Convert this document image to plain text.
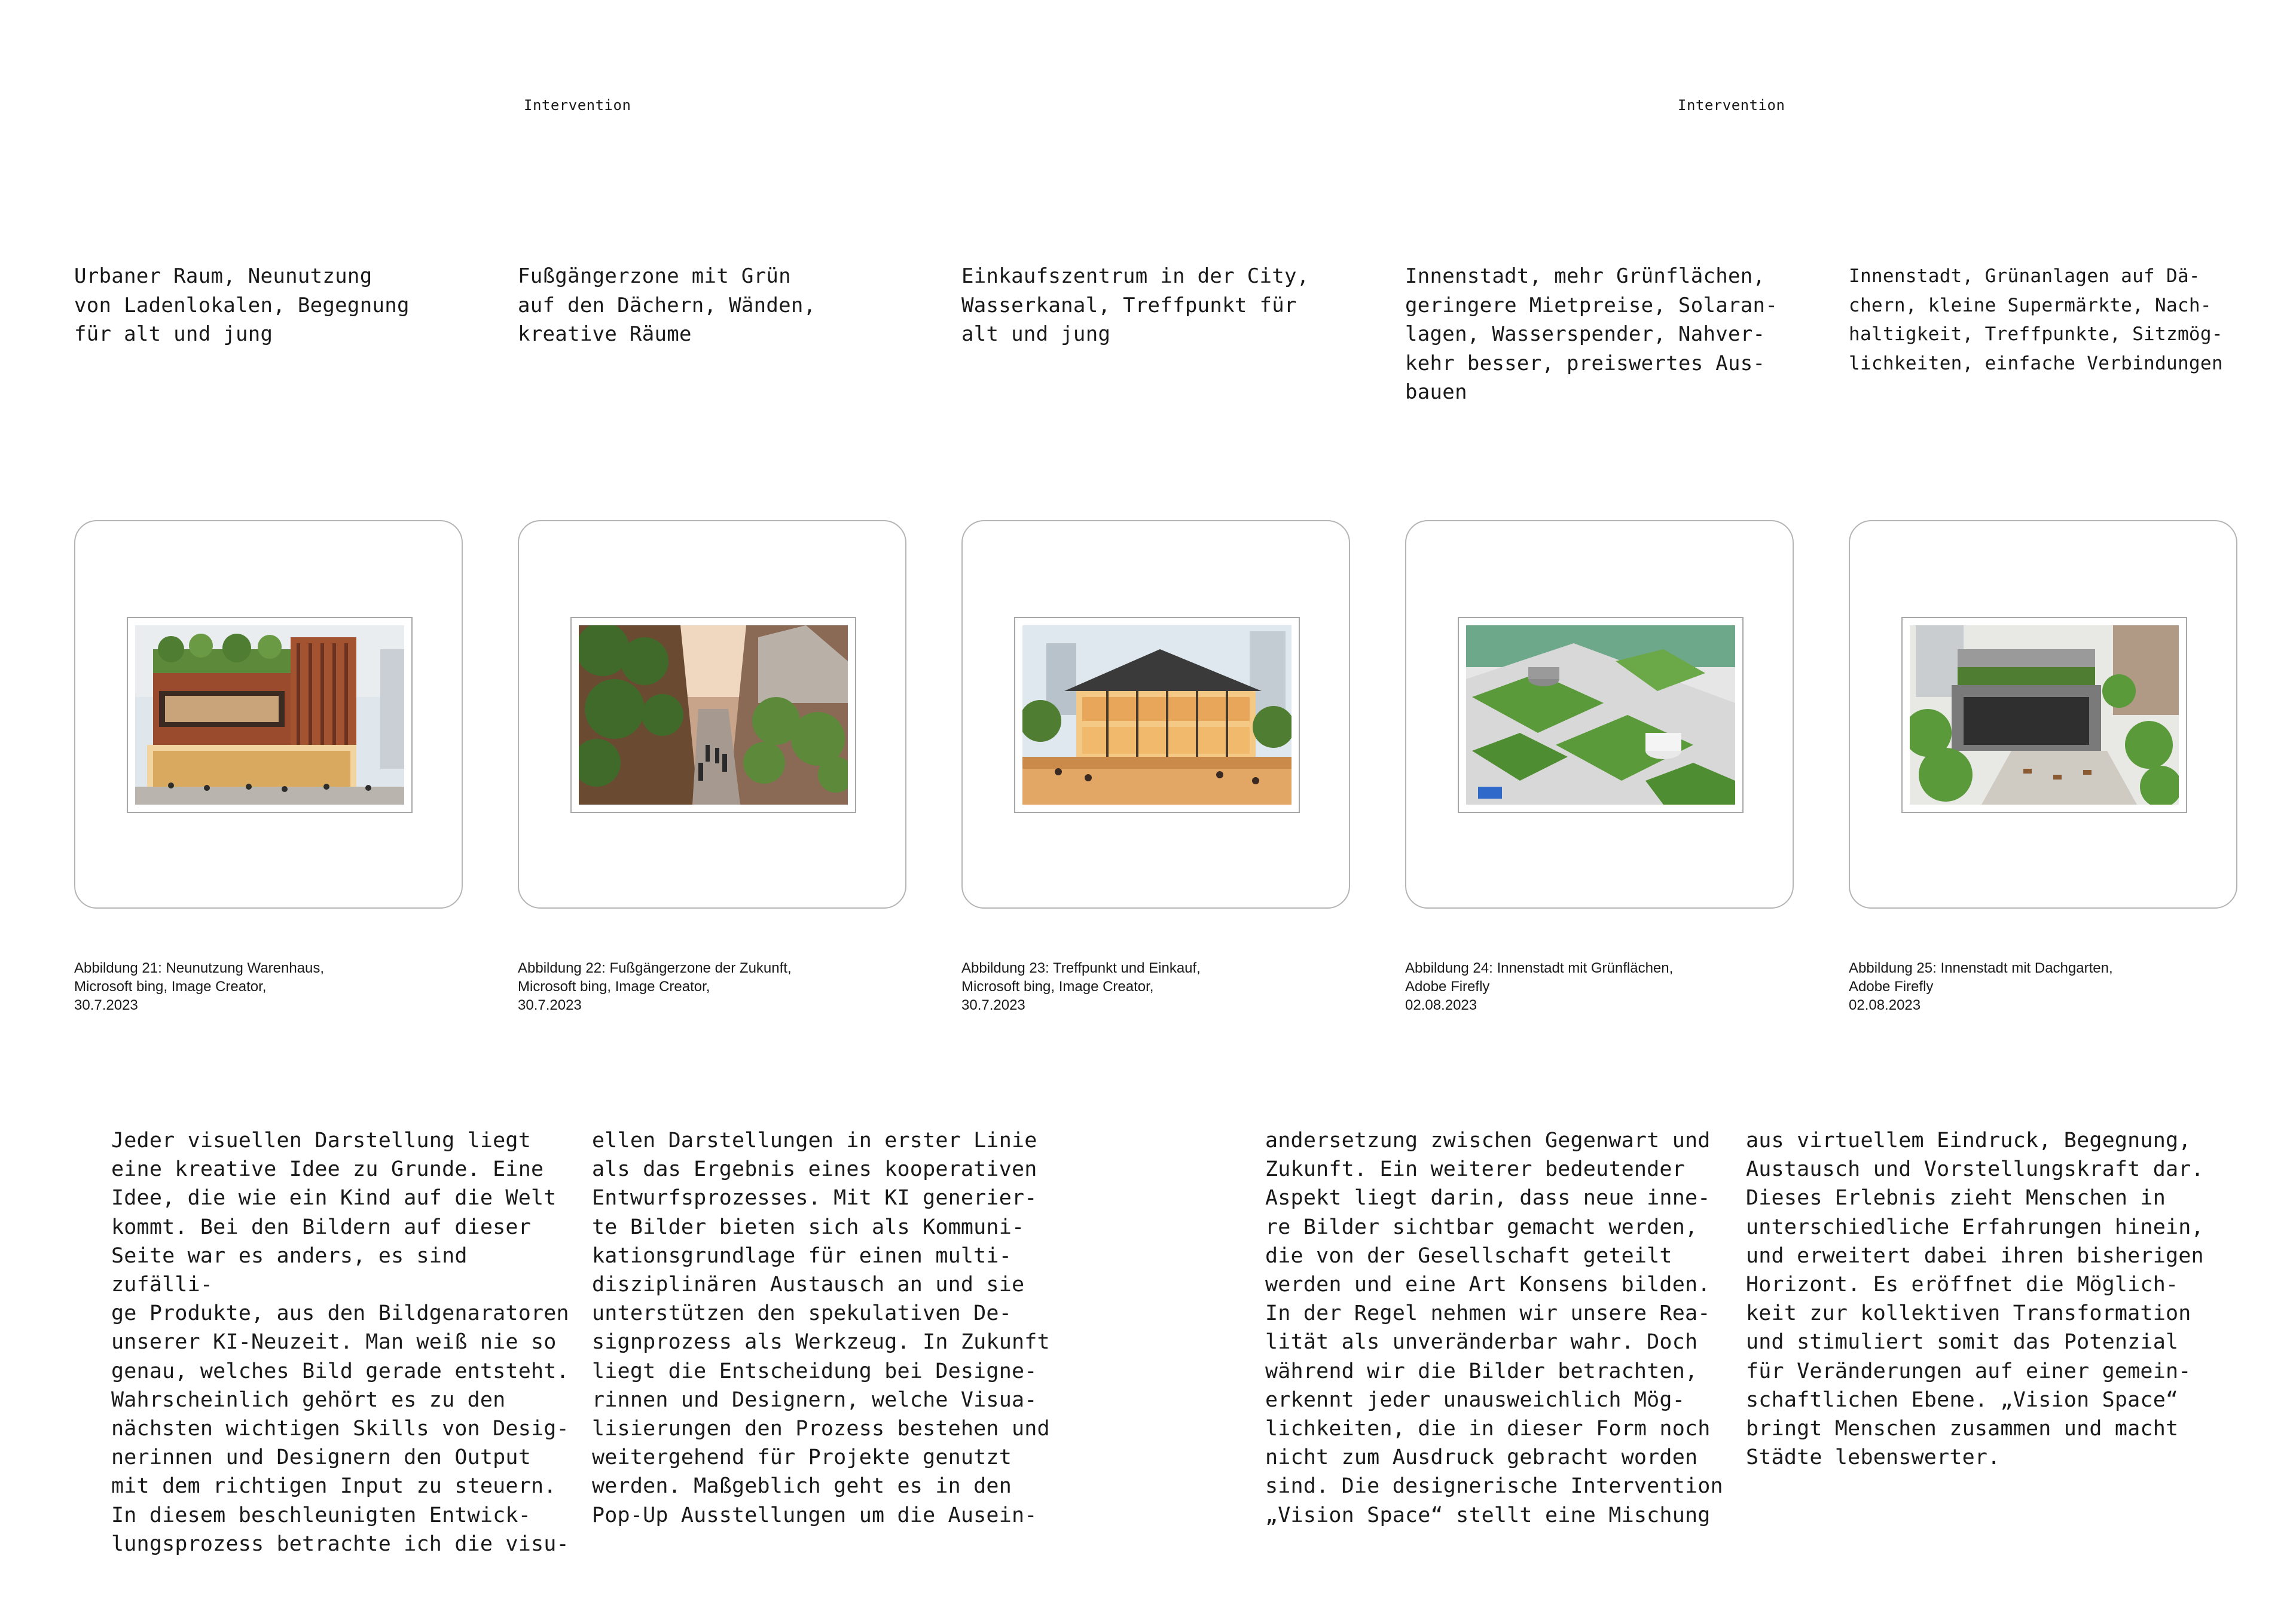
Intervention	Intervention

Urbaner Raum, Neunutzung
von Ladenlokalen, Begegnung
für alt und jung

Fußgängerzone mit Grün
auf den Dächern, Wänden,
kreative Räume

Einkaufszentrum in der City,
Wasserkanal, Treffpunkt für
alt und jung

Innenstadt, mehr Grünflächen,
geringere Mietpreise, Solaran-
lagen, Wasserspender, Nahver-
kehr besser, preiswertes Aus-
bauen

Innenstadt, Grünanlagen auf Dä-
chern, kleine Supermärkte, Nach-
haltigkeit, Treffpunkte, Sitzmög-
lichkeiten, einfache Verbindungen

Abbildung 21: Neunutzung Warenhaus,
Microsoft bing, Image Creator,
30.7.2023

Abbildung 22: Fußgängerzone der Zukunft,
Microsoft bing, Image Creator,
30.7.2023

Abbildung 23: Treffpunkt und Einkauf,
Microsoft bing, Image Creator,
30.7.2023

Abbildung 24: Innenstadt mit Grünflächen,
Adobe Firefly
02.08.2023

Abbildung 25: Innenstadt mit Dachgarten,
Adobe Firefly
02.08.2023

Jeder visuellen Darstellung liegt
eine kreative Idee zu Grunde. Eine
Idee, die wie ein Kind auf die Welt
kommt. Bei den Bildern auf dieser
Seite war es anders, es sind zufälli-
ge Produkte, aus den Bildgenaratoren
unserer KI-Neuzeit. Man weiß nie so
genau, welches Bild gerade entsteht.
Wahrscheinlich gehört es zu den
nächsten wichtigen Skills von Desig-
nerinnen und Designern den Output
mit dem richtigen Input zu steuern.
In diesem beschleunigten Entwick-
lungsprozess betrachte ich die visu-

ellen Darstellungen in erster Linie
als das Ergebnis eines kooperativen
Entwurfsprozesses. Mit KI generier-
te Bilder bieten sich als Kommuni-
kationsgrundlage für einen multi-
disziplinären Austausch an und sie
unterstützen den spekulativen De-
signprozess als Werkzeug. In Zukunft
liegt die Entscheidung bei Designe-
rinnen und Designern, welche Visua-
lisierungen den Prozess bestehen und
weitergehend für Projekte genutzt
werden. Maßgeblich geht es in den
Pop-Up Ausstellungen um die Ausein-

andersetzung zwischen Gegenwart und
Zukunft. Ein weiterer bedeutender
Aspekt liegt darin, dass neue inne-
re Bilder sichtbar gemacht werden,
die von der Gesellschaft geteilt
werden und eine Art Konsens bilden.
In der Regel nehmen wir unsere Rea-
lität als unveränderbar wahr. Doch
während wir die Bilder betrachten,
erkennt jeder unausweichlich Mög-
lichkeiten, die in dieser Form noch
nicht zum Ausdruck gebracht worden
sind. Die designerische Intervention
„Vision Space“ stellt eine Mischung

aus virtuellem Eindruck, Begegnung,
Austausch und Vorstellungskraft dar.
Dieses Erlebnis zieht Menschen in
unterschiedliche Erfahrungen hinein,
und erweitert dabei ihren bisherigen
Horizont. Es eröffnet die Möglich-
keit zur kollektiven Transformation
und stimuliert somit das Potenzial
für Veränderungen auf einer gemein-
schaftlichen Ebene. „Vision Space“
bringt Menschen zusammen und macht
Städte lebenswerter.
